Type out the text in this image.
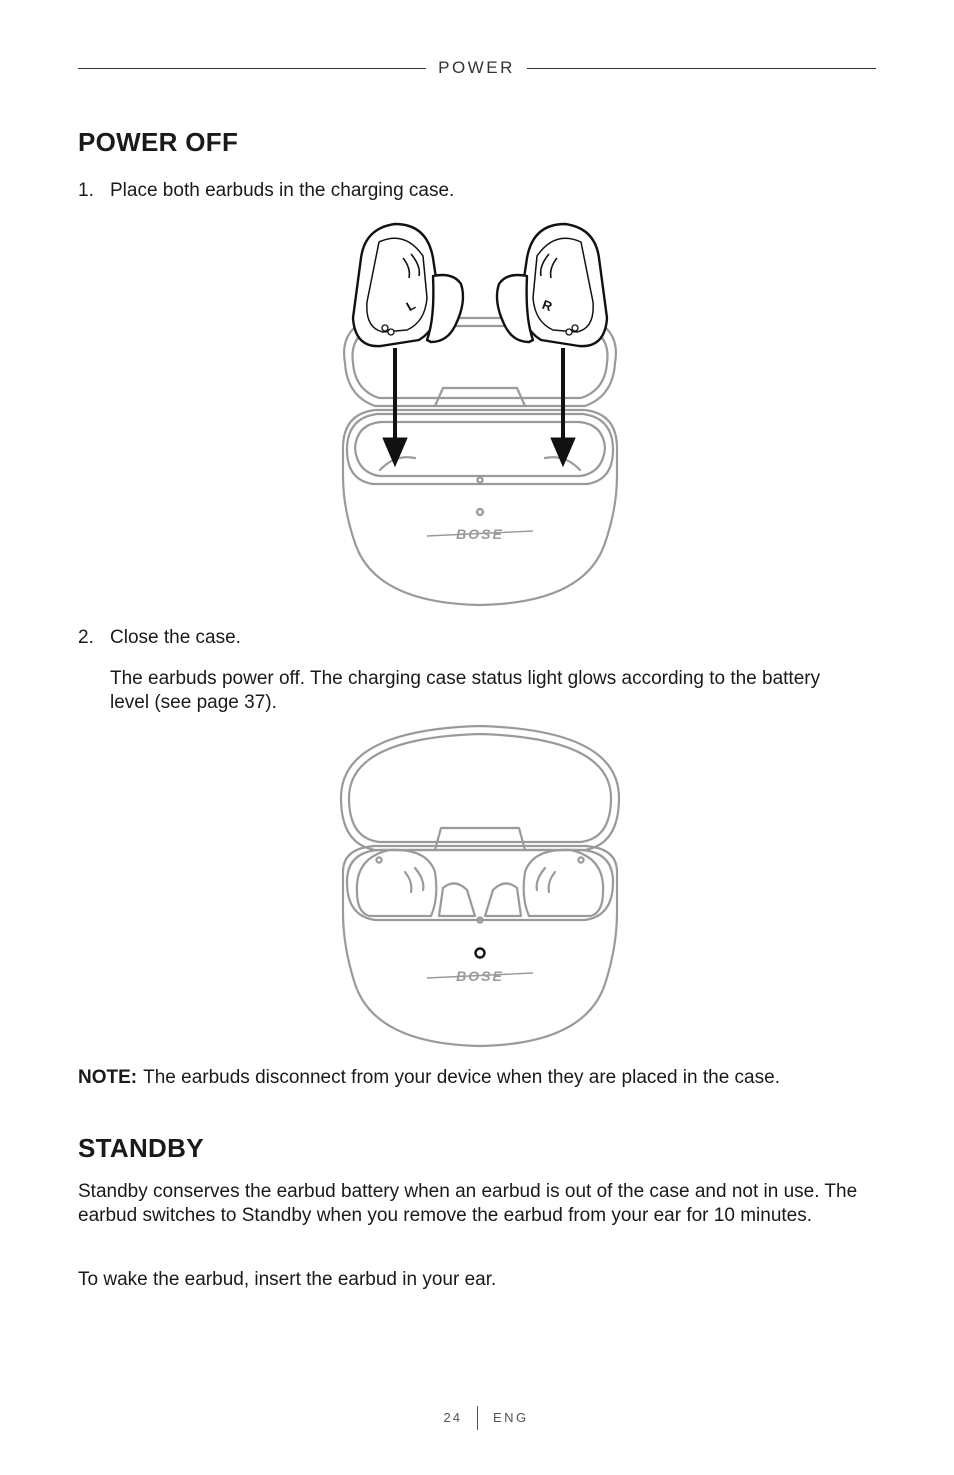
POWER
POWER OFF
1. Place both earbuds in the charging case.
BOSE
L	R
2. Close the case.
The earbuds power off. The charging case status light glows according to the battery level (see page 37).
BOSE
NOTE: The earbuds disconnect from your device when they are placed in the case.
STANDBY
Standby conserves the earbud battery when an earbud is out of the case and not in use. The earbud switches to Standby when you remove the earbud from your ear for 10 minutes.
To wake the earbud, insert the earbud in your ear.
24 ENG
